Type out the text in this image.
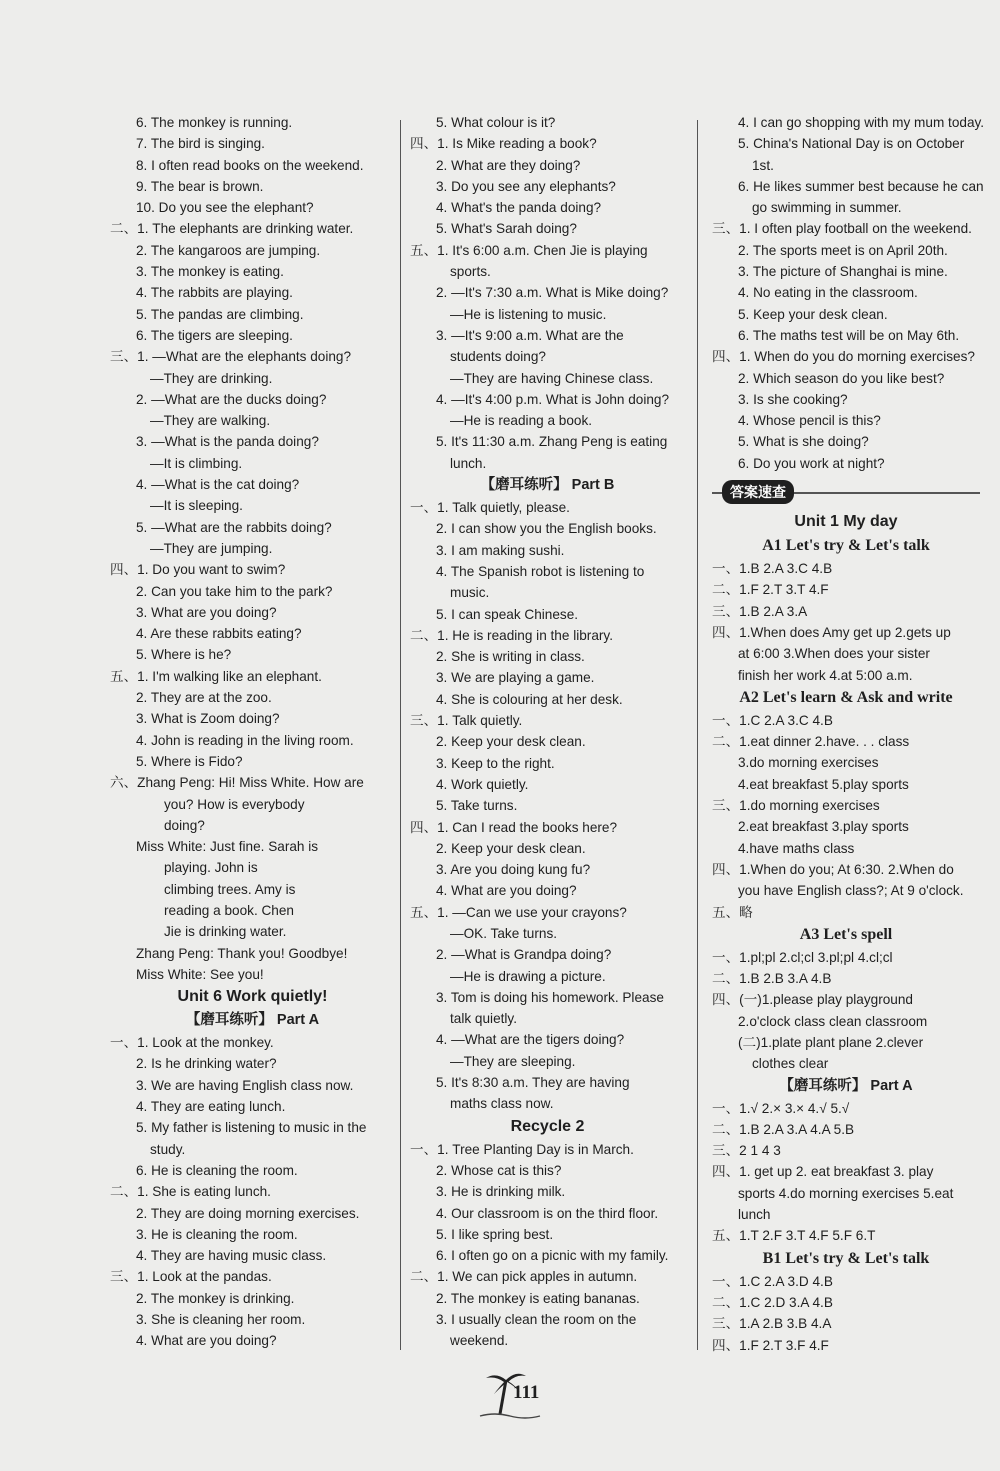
6. The monkey is running.
7. The bird is singing.
8. I often read books on the weekend.
9. The bear is brown.
10. Do you see the elephant?
二、1. The elephants are drinking water.
2. The kangaroos are jumping.
3. The monkey is eating.
4. The rabbits are playing.
5. The pandas are climbing.
6. The tigers are sleeping.
三、1. —What are the elephants doing?
—They are drinking.
2. —What are the ducks doing?
—They are walking.
3. —What is the panda doing?
—It is climbing.
4. —What is the cat doing?
—It is sleeping.
5. —What are the rabbits doing?
—They are jumping.
四、1. Do you want to swim?
2. Can you take him to the park?
3. What are you doing?
4. Are these rabbits eating?
5. Where is he?
五、1. I'm walking like an elephant.
2. They are at the zoo.
3. What is Zoom doing?
4. John is reading in the living room.
5. Where is Fido?
六、Zhang Peng: Hi! Miss White. How are
you? How is everybody
doing?
Miss White: Just fine. Sarah is
playing. John is
climbing trees. Amy is
reading a book. Chen
Jie is drinking water.
Zhang Peng: Thank you! Goodbye!
Miss White: See you!
Unit 6 Work quietly!
【磨耳练听】 Part A
一、1. Look at the monkey.
2. Is he drinking water?
3. We are having English class now.
4. They are eating lunch.
5. My father is listening to music in the
study.
6. He is cleaning the room.
二、1. She is eating lunch.
2. They are doing morning exercises.
3. He is cleaning the room.
4. They are having music class.
三、1. Look at the pandas.
2. The monkey is drinking.
3. She is cleaning her room.
4. What are you doing?
5. What colour is it?
四、1. Is Mike reading a book?
2. What are they doing?
3. Do you see any elephants?
4. What's the panda doing?
5. What's Sarah doing?
五、1. It's 6:00 a.m. Chen Jie is playing
sports.
2. —It's 7:30 a.m. What is Mike doing?
—He is listening to music.
3. —It's 9:00 a.m. What are the
students doing?
—They are having Chinese class.
4. —It's 4:00 p.m. What is John doing?
—He is reading a book.
5. It's 11:30 a.m. Zhang Peng is eating
lunch.
【磨耳练听】 Part B
一、1. Talk quietly, please.
2. I can show you the English books.
3. I am making sushi.
4. The Spanish robot is listening to
music.
5. I can speak Chinese.
二、1. He is reading in the library.
2. She is writing in class.
3. We are playing a game.
4. She is colouring at her desk.
三、1. Talk quietly.
2. Keep your desk clean.
3. Keep to the right.
4. Work quietly.
5. Take turns.
四、1. Can I read the books here?
2. Keep your desk clean.
3. Are you doing kung fu?
4. What are you doing?
五、1. —Can we use your crayons?
—OK. Take turns.
2. —What is Grandpa doing?
—He is drawing a picture.
3. Tom is doing his homework. Please
talk quietly.
4. —What are the tigers doing?
—They are sleeping.
5. It's 8:30 a.m. They are having
maths class now.
Recycle 2
一、1. Tree Planting Day is in March.
2. Whose cat is this?
3. He is drinking milk.
4. Our classroom is on the third floor.
5. I like spring best.
6. I often go on a picnic with my family.
二、1. We can pick apples in autumn.
2. The monkey is eating bananas.
3. I usually clean the room on the
weekend.
4. I can go shopping with my mum today.
5. China's National Day is on October
1st.
6. He likes summer best because he can
go swimming in summer.
三、1. I often play football on the weekend.
2. The sports meet is on April 20th.
3. The picture of Shanghai is mine.
4. No eating in the classroom.
5. Keep your desk clean.
6. The maths test will be on May 6th.
四、1. When do you do morning exercises?
2. Which season do you like best?
3. Is she cooking?
4. Whose pencil is this?
5. What is she doing?
6. Do you work at night?
答案速查
Unit 1 My day
A1 Let's try & Let's talk
一、1.B 2.A 3.C 4.B
二、1.F 2.T 3.T 4.F
三、1.B 2.A 3.A
四、1.When does Amy get up 2.gets up
at 6:00 3.When does your sister
finish her work 4.at 5:00 a.m.
A2 Let's learn & Ask and write
一、1.C 2.A 3.C 4.B
二、1.eat dinner 2.have. . . class
3.do morning exercises
4.eat breakfast 5.play sports
三、1.do morning exercises
2.eat breakfast 3.play sports
4.have maths class
四、1.When do you; At 6:30. 2.When do
you have English class?; At 9 o'clock.
五、略
A3 Let's spell
一、1.pl;pl 2.cl;cl 3.pl;pl 4.cl;cl
二、1.B 2.B 3.A 4.B
四、(一)1.please play playground
2.o'clock class clean classroom
(二)1.plate plant plane 2.clever
clothes clear
【磨耳练听】 Part A
一、1.√ 2.× 3.× 4.√ 5.√
二、1.B 2.A 3.A 4.A 5.B
三、2 1 4 3
四、1. get up 2. eat breakfast 3. play
sports 4.do morning exercises 5.eat
lunch
五、1.T 2.F 3.T 4.F 5.F 6.T
B1 Let's try & Let's talk
一、1.C 2.A 3.D 4.B
二、1.C 2.D 3.A 4.B
三、1.A 2.B 3.B 4.A
四、1.F 2.T 3.F 4.F
111
